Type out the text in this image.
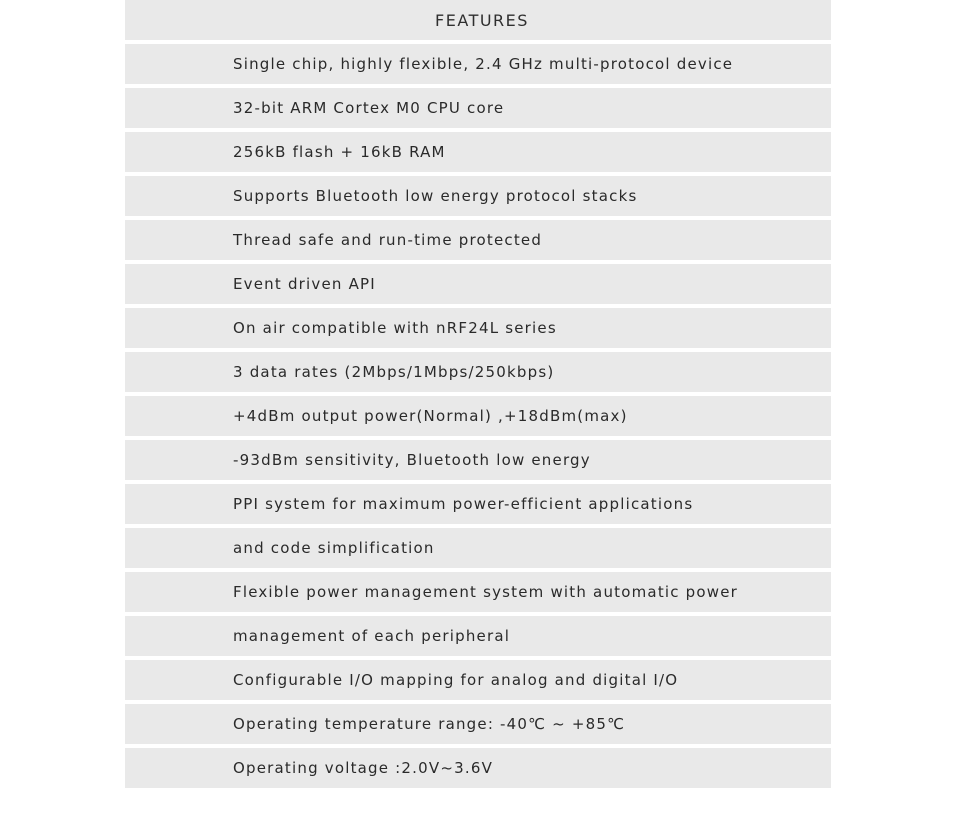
FEATURES
Single chip, highly flexible, 2.4 GHz multi-protocol device
32-bit ARM Cortex M0 CPU core
256kB flash + 16kB RAM
Supports Bluetooth low energy protocol stacks
Thread safe and run-time protected
Event driven API
On air compatible with nRF24L series
3 data rates (2Mbps/1Mbps/250kbps)
+4dBm output power(Normal) ,+18dBm(max)
-93dBm sensitivity, Bluetooth low energy
PPI system for maximum power-efficient applications
and code simplification
Flexible power management system with automatic power
management of each peripheral
Configurable I/O mapping for analog and digital I/O
Operating temperature range: -40℃ ~ +85℃
Operating voltage :2.0V~3.6V
